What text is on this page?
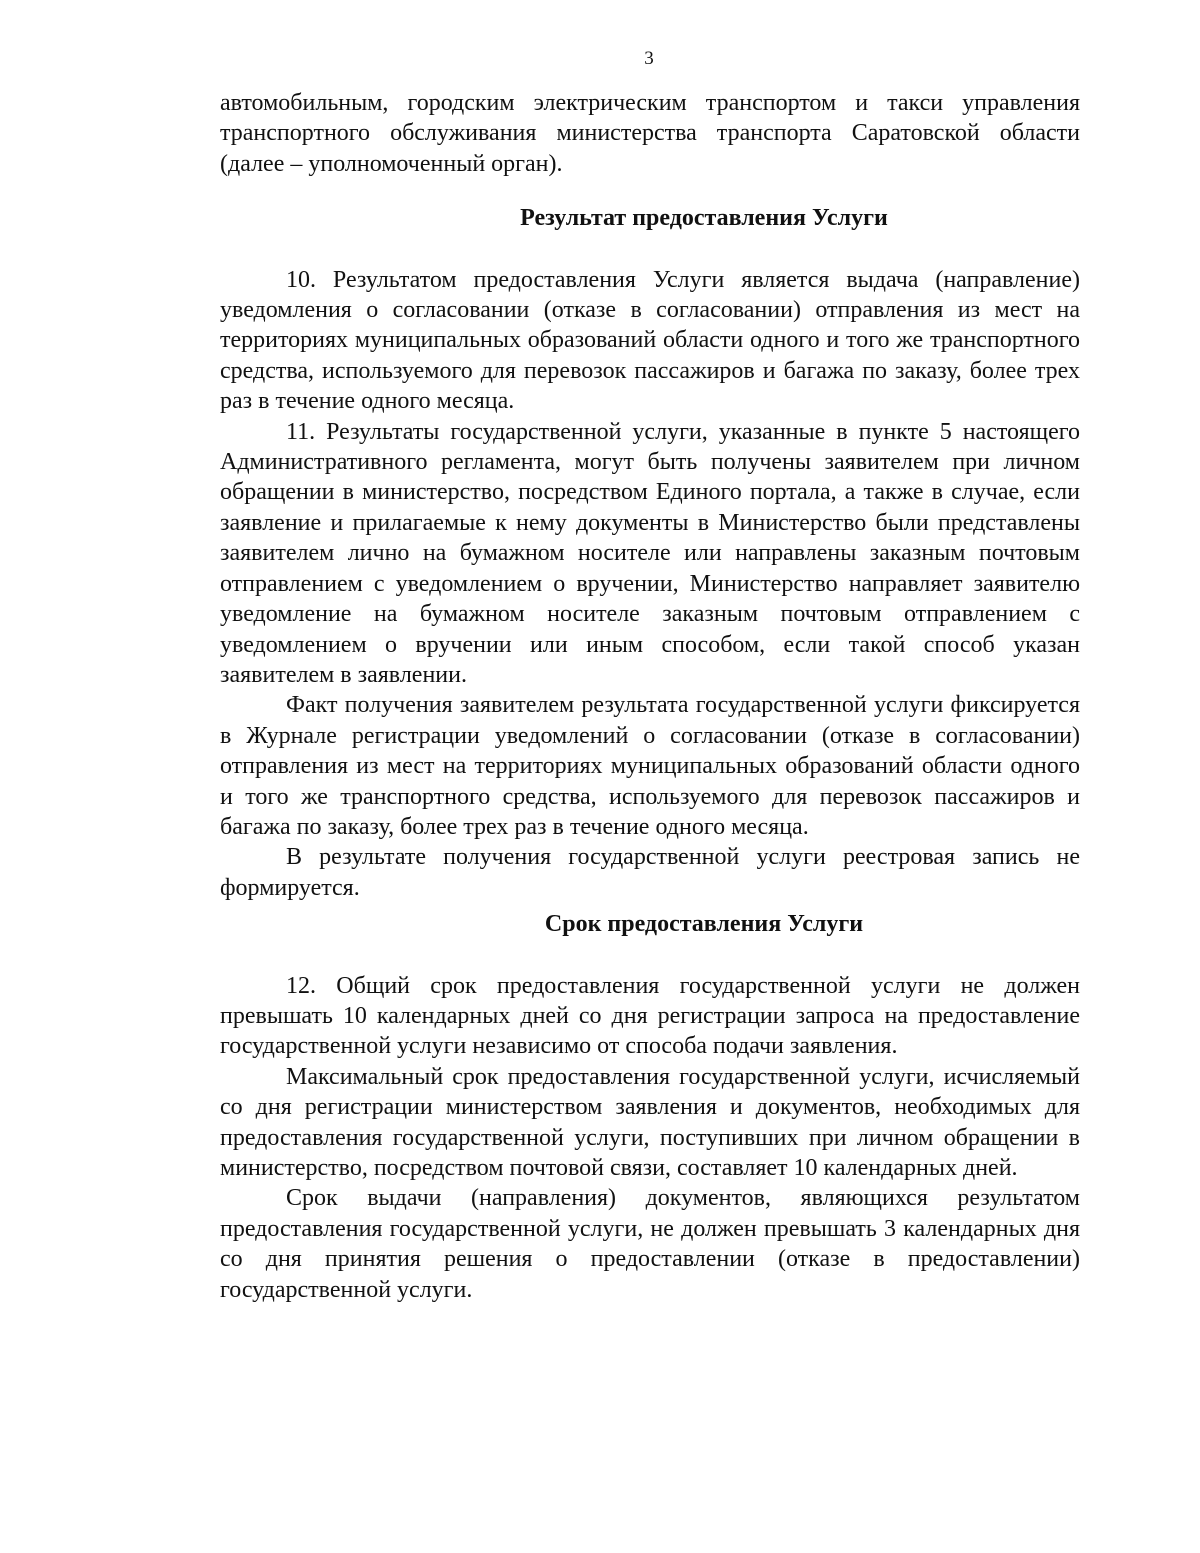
3

автомобильным, городским электрическим транспортом и такси управления транспортного обслуживания министерства транспорта Саратовской области (далее – уполномоченный орган).

Результат предоставления Услуги

10. Результатом предоставления Услуги является выдача (направление) уведомления о согласовании (отказе в согласовании) отправления из мест на территориях муниципальных образований области одного и того же транспортного средства, используемого для перевозок пассажиров и багажа по заказу, более трех раз в течение одного месяца.

11. Результаты государственной услуги, указанные в пункте 5 настоящего Административного регламента, могут быть получены заявителем при личном обращении в министерство, посредством Единого портала, а также в случае, если заявление и прилагаемые к нему документы в Министерство были представлены заявителем лично на бумажном носителе или направлены заказным почтовым отправлением с уведомлением о вручении, Министерство направляет заявителю уведомление на бумажном носителе заказным почтовым отправлением с уведомлением о вручении или иным способом, если такой способ указан заявителем в заявлении.

Факт получения заявителем результата государственной услуги фиксируется в Журнале регистрации уведомлений о согласовании (отказе в согласовании) отправления из мест на территориях муниципальных образований области одного и того же транспортного средства, используемого для перевозок пассажиров и багажа по заказу, более трех раз в течение одного месяца.

В результате получения государственной услуги реестровая запись не формируется.

Срок предоставления Услуги

12. Общий срок предоставления государственной услуги не должен превышать 10 календарных дней со дня регистрации запроса на предоставление государственной услуги независимо от способа подачи заявления.

Максимальный срок предоставления государственной услуги, исчисляемый со дня регистрации министерством заявления и документов, необходимых для предоставления государственной услуги, поступивших при личном обращении в министерство, посредством почтовой связи, составляет 10 календарных дней.

Срок выдачи (направления) документов, являющихся результатом предоставления государственной услуги, не должен превышать 3 календарных дня со дня принятия решения о предоставлении (отказе в предоставлении) государственной услуги.
